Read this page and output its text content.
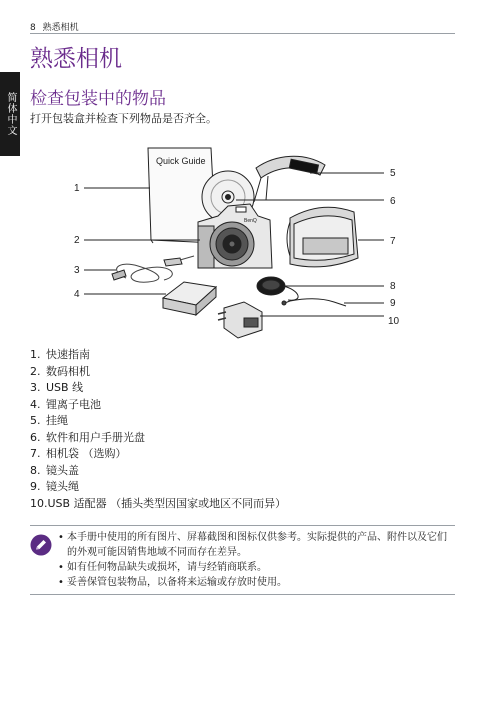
8 熟悉相机
简体中文
熟悉相机
检查包装中的物品
打开包装盒并检查下列物品是否齐全。
Quick Guide
BenQ
1
2
3
4
5
6
7
8
9
10
1. 快速指南
2. 数码相机
3. USB 线
4. 锂离子电池
5. 挂绳
6. 软件和用户手册光盘
7. 相机袋 （选购）
8. 镜头盖
9. 镜头绳
10.USB 适配器 （插头类型因国家或地区不同而异）
• 本手册中使用的所有图片、屏幕截图和图标仅供参考。实际提供的产品、附件以及它们的外观可能因销售地域不同而存在差异。
• 如有任何物品缺失或损坏，请与经销商联系。
• 妥善保管包装物品，以备将来运输或存放时使用。
